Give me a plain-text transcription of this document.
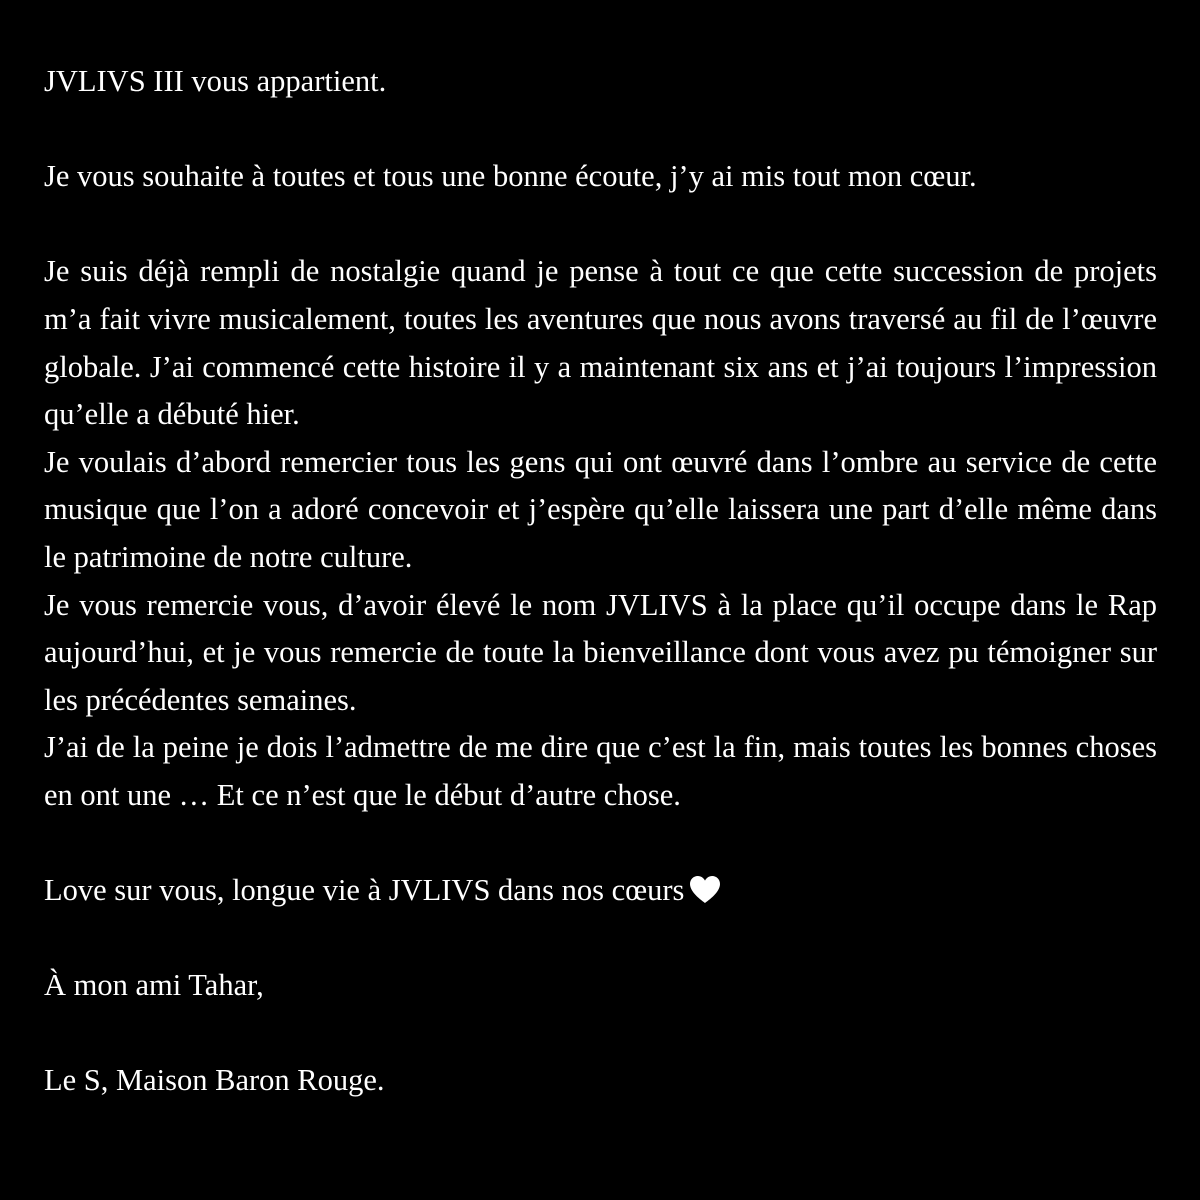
JVLIVS III vous appartient.

Je vous souhaite à toutes et tous une bonne écoute, j’y ai mis tout mon cœur.

Je suis déjà rempli de nostalgie quand je pense à tout ce que cette succession de projets m’a fait vivre musicalement, toutes les aventures que nous avons traversé au fil de l’œuvre globale. J’ai commencé cette histoire il y a maintenant six ans et j’ai toujours l’impression qu’elle a débuté hier.

Je voulais d’abord remercier tous les gens qui ont œuvré dans l’ombre au service de cette musique que l’on a adoré concevoir et j’espère qu’elle laissera une part d’elle même dans le patrimoine de notre culture.

Je vous remercie vous, d’avoir élevé le nom JVLIVS à la place qu’il occupe dans le Rap aujourd’hui, et je vous remercie de toute la bienveillance dont vous avez pu témoigner sur les précédentes semaines.

J’ai de la peine je dois l’admettre de me dire que c’est la fin, mais toutes les bonnes choses en ont une … Et ce n’est que le début d’autre chose.

Love sur vous, longue vie à JVLIVS dans nos cœurs

À mon ami Tahar,

Le S, Maison Baron Rouge.
